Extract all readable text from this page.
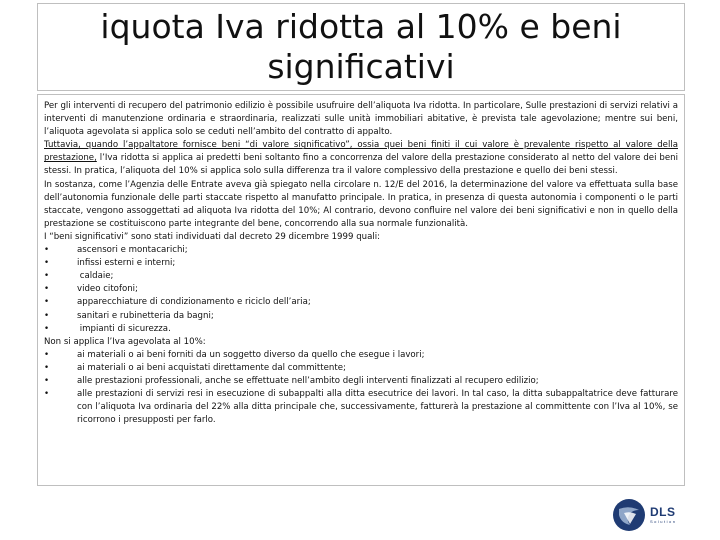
iquota Iva ridotta al 10% e beni significativi

Per gli interventi di recupero del patrimonio edilizio è possibile usufruire dell’aliquota Iva ridotta. In particolare, Sulle prestazioni di servizi relativi a interventi di manutenzione ordinaria e straordinaria, realizzati sulle unità immobiliari abitative, è prevista tale agevolazione; mentre sui beni, l’aliquota agevolata si applica solo se ceduti nell’ambito del contratto di appalto.

Tuttavia, quando l’appaltatore fornisce beni “di valore significativo”, ossia quei beni finiti il cui valore è prevalente rispetto al valore della prestazione, l’Iva ridotta si applica ai predetti beni soltanto fino a concorrenza del valore della prestazione considerato al netto del valore dei beni stessi. In pratica, l’aliquota del 10% si applica solo sulla differenza tra il valore complessivo della prestazione e quello dei beni stessi.

In sostanza, come l’Agenzia delle Entrate aveva già spiegato nella circolare n. 12/E del 2016, la determinazione del valore va effettuata sulla base dell’autonomia funzionale delle parti staccate rispetto al manufatto principale. In pratica, in presenza di questa autonomia i componenti o le parti staccate, vengono assoggettati ad aliquota Iva ridotta del 10%; Al contrario, devono confluire nel valore dei beni significativi e non in quello della prestazione se costituiscono parte integrante del bene, concorrendo alla sua normale funzionalità.

I “beni significativi” sono stati individuati dal decreto 29 dicembre 1999 quali:

•	ascensori e montacarichi;
•	infissi esterni e interni;
•	caldaie;
•	video citofoni;
•	apparecchiature di condizionamento e riciclo dell’aria;
•	sanitari e rubinetteria da bagni;
•	impianti di sicurezza.

Non si applica l’Iva agevolata al 10%:

•	ai materiali o ai beni forniti da un soggetto diverso da quello che esegue i lavori;
•	ai materiali o ai beni acquistati direttamente dal committente;
•	alle prestazioni professionali, anche se effettuate nell’ambito degli interventi finalizzati al recupero edilizio;
•	alle prestazioni di servizi resi in esecuzione di subappalti alla ditta esecutrice dei lavori. In tal caso, la ditta subappaltatrice deve fatturare con l’aliquota Iva ordinaria del 22% alla ditta principale che, successivamente, fatturerà la prestazione al committente con l’Iva al 10%, se ricorrono i presupposti per farlo.
DLS
Solution
